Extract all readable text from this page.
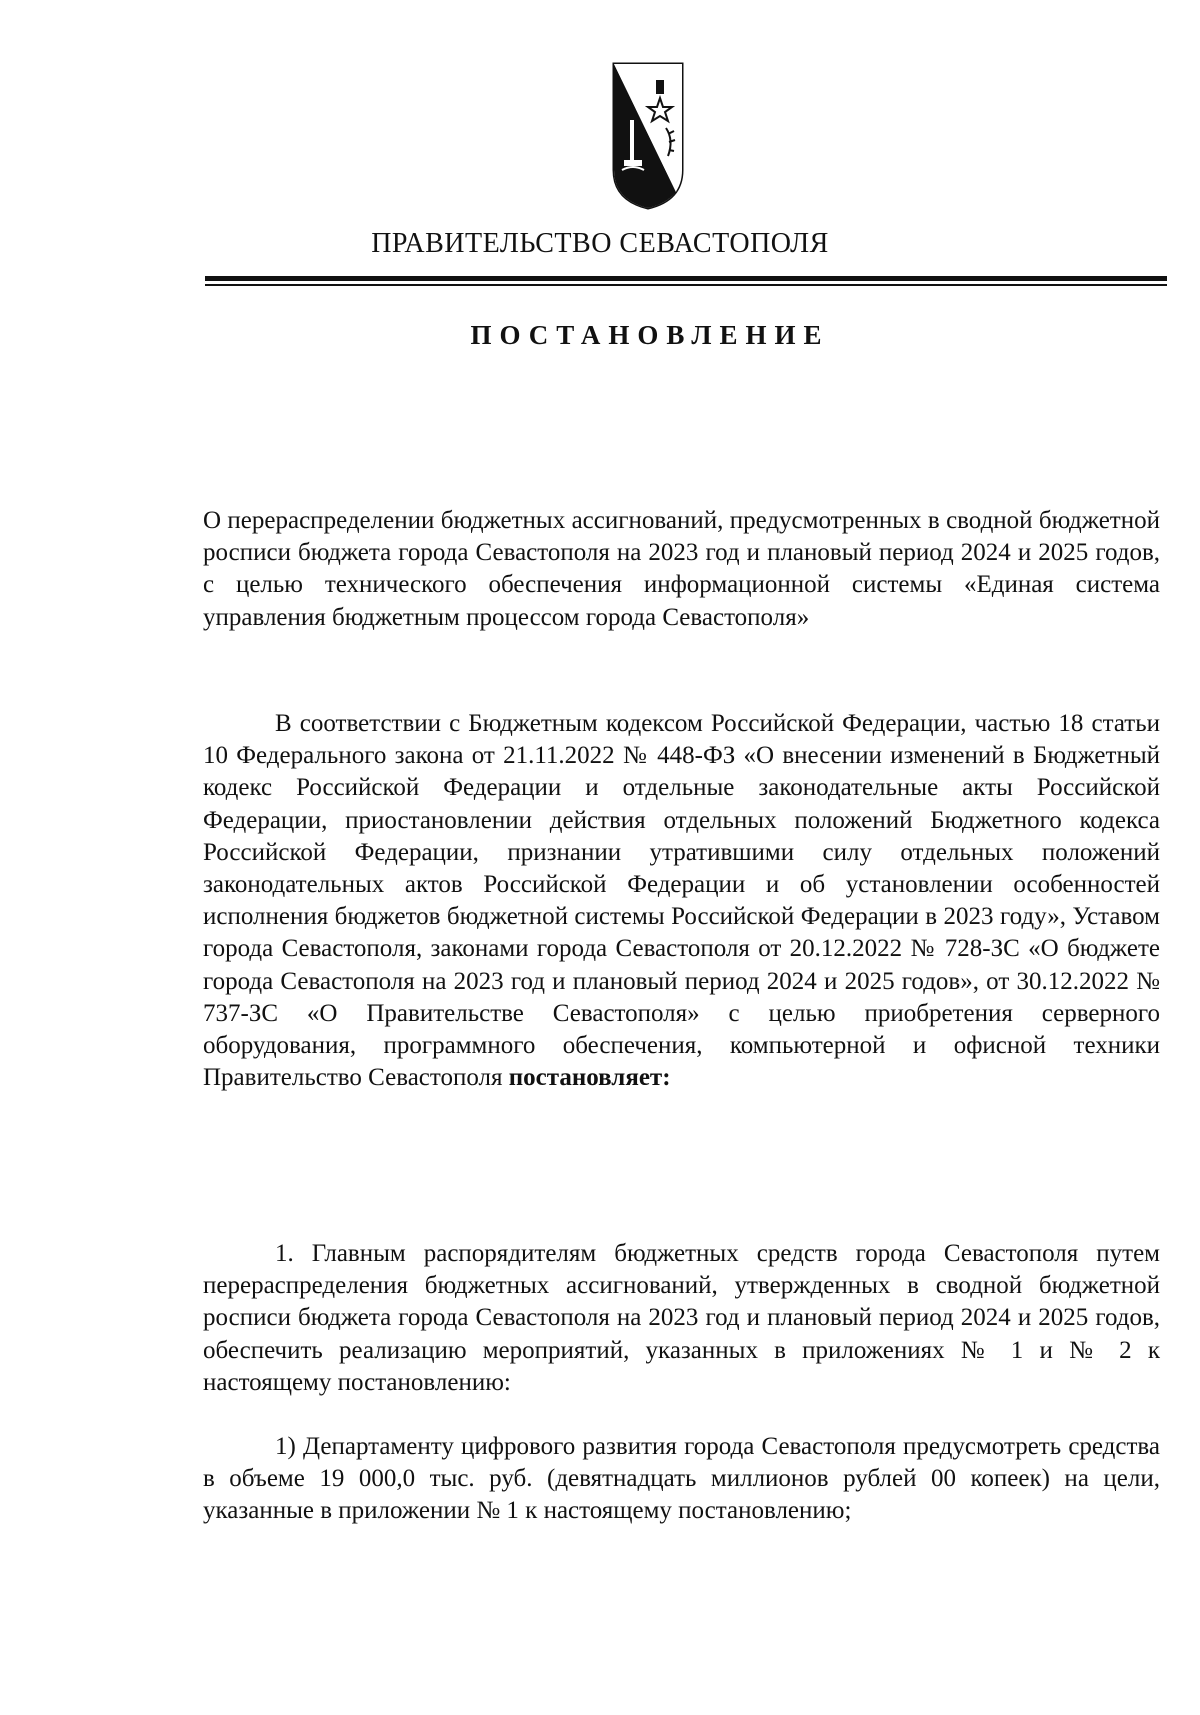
ПРАВИТЕЛЬСТВО СЕВАСТОПОЛЯ
ПОСТАНОВЛЕНИЕ
О перераспределении бюджетных ассигнований, предусмотренных в сводной бюджетной росписи бюджета города Севастополя на 2023 год и плановый период 2024 и 2025 годов, с целью технического обеспечения информационной системы «Единая система управления бюджетным процессом города Севастополя»
В соответствии с Бюджетным кодексом Российской Федерации, частью 18 статьи 10 Федерального закона от 21.11.2022 № 448-ФЗ «О внесении изменений в Бюджетный кодекс Российской Федерации и отдельные законодательные акты Российской Федерации, приостановлении действия отдельных положений Бюджетного кодекса Российской Федерации, признании утратившими силу отдельных положений законодательных актов Российской Федерации и об установлении особенностей исполнения бюджетов бюджетной системы Российской Федерации в 2023 году», Уставом города Севастополя, законами города Севастополя от 20.12.2022 № 728-ЗС «О бюджете города Севастополя на 2023 год и плановый период 2024 и 2025 годов», от 30.12.2022 № 737-ЗС «О Правительстве Севастополя» с целью приобретения серверного оборудования, программного обеспечения, компьютерной и офисной техники Правительство Севастополя постановляет:
1. Главным распорядителям бюджетных средств города Севастополя путем перераспределения бюджетных ассигнований, утвержденных в сводной бюджетной росписи бюджета города Севастополя на 2023 год и плановый период 2024 и 2025 годов, обеспечить реализацию мероприятий, указанных в приложениях № 1 и № 2 к настоящему постановлению:
1) Департаменту цифрового развития города Севастополя предусмотреть средства в объеме 19 000,0 тыс. руб. (девятнадцать миллионов рублей 00 копеек) на цели, указанные в приложении № 1 к настоящему постановлению;
